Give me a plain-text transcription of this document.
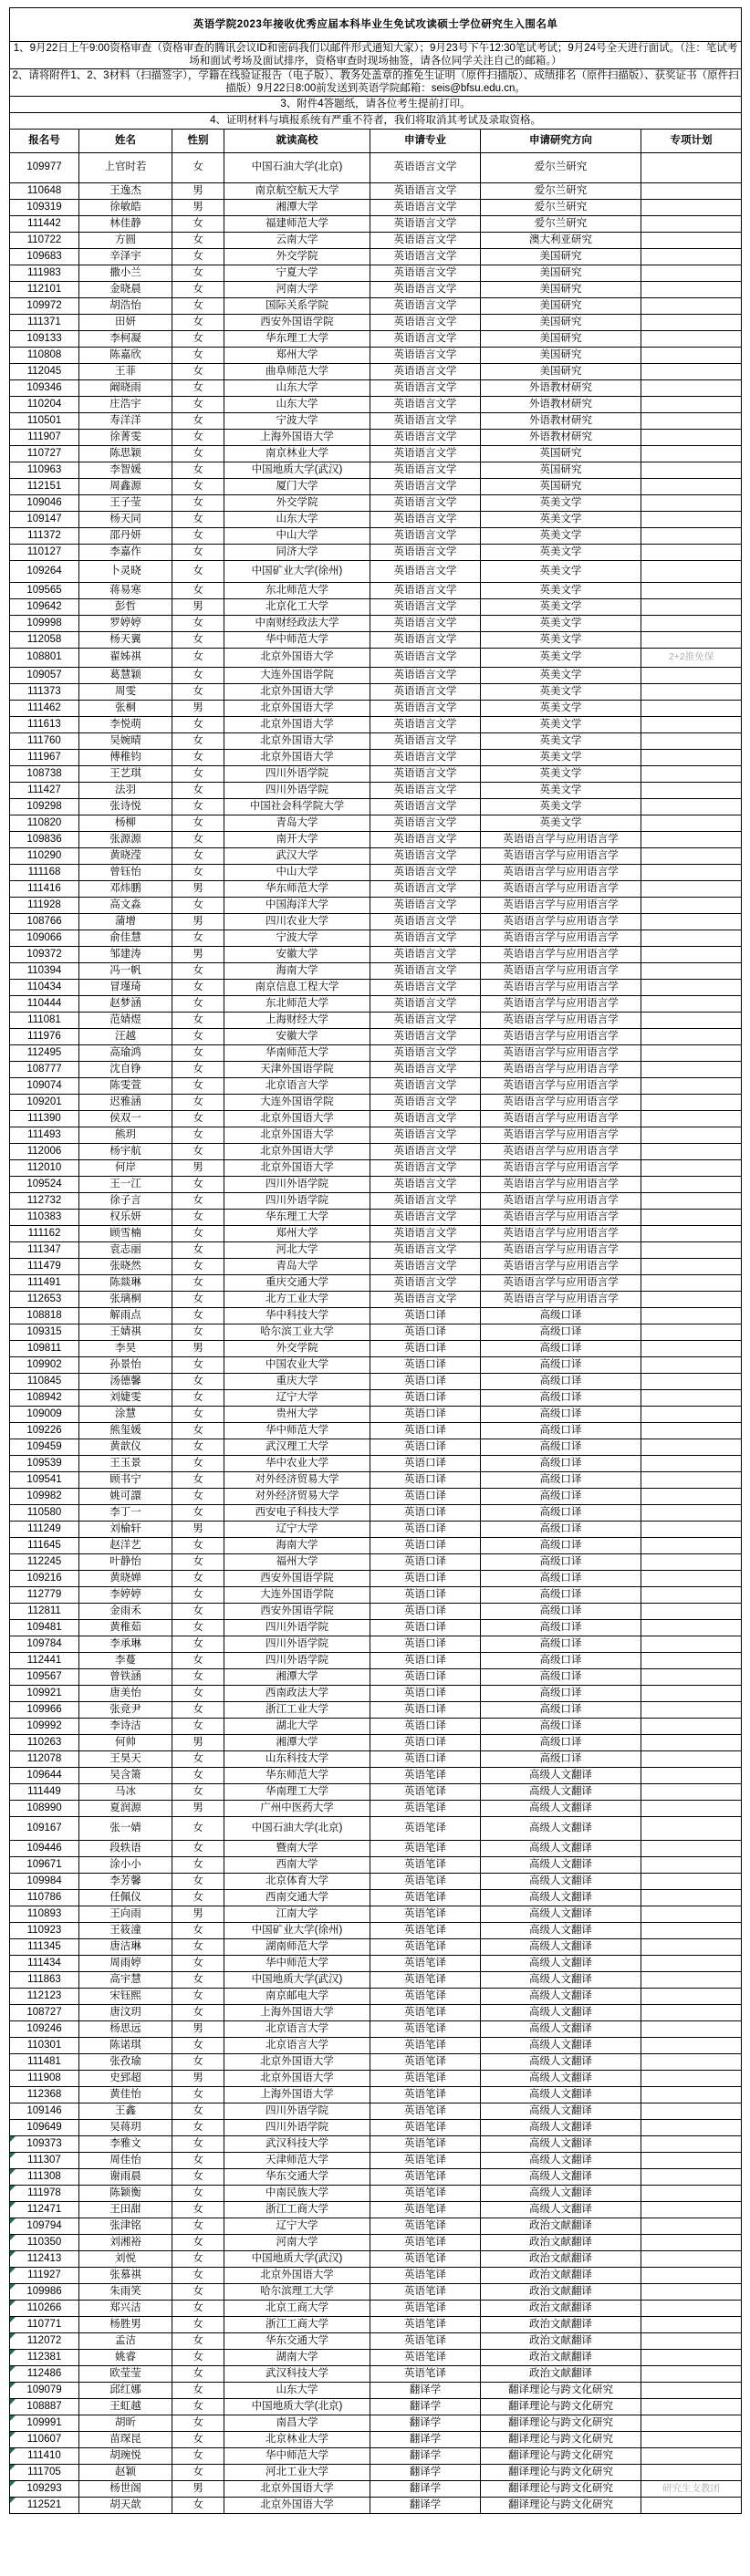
英语学院2023年接收优秀应届本科毕业生免试攻读硕士学位研究生入围名单						
1、9月22日上午9:00资格审查（资格审查的腾讯会议ID和密码我们以邮件形式通知大家）；9月23号下午12:30笔试考试；9月24号全天进行面试。（注：笔试考场和面试考场及面试排序，资格审查时现场抽签，请各位同学关注自己的邮箱。）						
2、请将附件1、2、3材料（扫描签字），学籍在线验证报告（电子版）、教务处盖章的推免生证明（原件扫描版）、成绩排名（原件扫描版）、获奖证书（原件扫描版）9月22日8:00前发送到英语学院邮箱：seis@bfsu.edu.cn。						
3、附件4答题纸，请各位考生提前打印。						
4、证明材料与填报系统有严重不符者，我们将取消其考试及录取资格。						
报名号	姓名	性别	就读高校	申请专业	申请研究方向	专项计划
109977	上官时若	女	中国石油大学(北京)	英语语言文学	爱尔兰研究	
110648	王逸杰	男	南京航空航天大学	英语语言文学	爱尔兰研究	
109319	徐敏皓	男	湘潭大学	英语语言文学	爱尔兰研究	
111442	林佳静	女	福建师范大学	英语语言文学	爱尔兰研究	
110722	方圆	女	云南大学	英语语言文学	澳大利亚研究	
109683	辛泽宇	女	外交学院	英语语言文学	美国研究	
111983	撒小兰	女	宁夏大学	英语语言文学	美国研究	
112101	金晓晨	女	河南大学	英语语言文学	美国研究	
109972	胡浩怡	女	国际关系学院	英语语言文学	美国研究	
111371	田妍	女	西安外国语学院	英语语言文学	美国研究	
109133	李柯凝	女	华东理工大学	英语语言文学	美国研究	
110808	陈嘉欣	女	郑州大学	英语语言文学	美国研究	
112045	王菲	女	曲阜师范大学	英语语言文学	美国研究	
109346	阚晓雨	女	山东大学	英语语言文学	外语教材研究	
110204	庄浩宇	女	山东大学	英语语言文学	外语教材研究	
110501	寿洋洋	女	宁波大学	英语语言文学	外语教材研究	
111907	徐菁雯	女	上海外国语大学	英语语言文学	外语教材研究	
110727	陈思颖	女	南京林业大学	英语语言文学	英国研究	
110963	李智媛	女	中国地质大学(武汉)	英语语言文学	英国研究	
112151	周鑫源	女	厦门大学	英语语言文学	英国研究	
109046	王子莹	女	外交学院	英语语言文学	英美文学	
109147	杨天同	女	山东大学	英语语言文学	英美文学	
111372	邵丹妍	女	中山大学	英语语言文学	英美文学	
110127	李嘉作	女	同济大学	英语语言文学	英美文学	
109264	卜灵晓	女	中国矿业大学(徐州)	英语语言文学	英美文学	
109565	蒋易寒	女	东北师范大学	英语语言文学	英美文学	
109642	彭哲	男	北京化工大学	英语语言文学	英美文学	
109998	罗婷婷	女	中南财经政法大学	英语语言文学	英美文学	
112058	杨天翼	女	华中师范大学	英语语言文学	英美文学	
108801	翟姊祺	女	北京外国语大学	英语语言文学	英美文学	2+2推免保
109057	葛慧颖	女	大连外国语学院	英语语言文学	英美文学	
111373	周雯	女	北京外国语大学	英语语言文学	英美文学	
111462	张桐	男	北京外国语大学	英语语言文学	英美文学	
111613	李悦萌	女	北京外国语大学	英语语言文学	英美文学	
111760	吴婉晴	女	北京外国语大学	英语语言文学	英美文学	
111967	傅稚钧	女	北京外国语大学	英语语言文学	英美文学	
108738	王艺琪	女	四川外语学院	英语语言文学	英美文学	
111427	法羽	女	四川外语学院	英语语言文学	英美文学	
109298	张诗悦	女	中国社会科学院大学	英语语言文学	英美文学	
110820	杨柳	女	青岛大学	英语语言文学	英美文学	
109836	张源源	女	南开大学	英语语言文学	英语语言学与应用语言学	
110290	黄晓滢	女	武汉大学	英语语言文学	英语语言学与应用语言学	
111168	曾钰怡	女	中山大学	英语语言文学	英语语言学与应用语言学	
111416	邓炜鹏	男	华东师范大学	英语语言文学	英语语言学与应用语言学	
111928	高文淼	女	中国海洋大学	英语语言文学	英语语言学与应用语言学	
108766	蒲增	男	四川农业大学	英语语言文学	英语语言学与应用语言学	
109066	俞佳慧	女	宁波大学	英语语言文学	英语语言学与应用语言学	
109372	邹建涛	男	安徽大学	英语语言文学	英语语言学与应用语言学	
110394	冯一帆	女	海南大学	英语语言文学	英语语言学与应用语言学	
110434	冒瑾琦	女	南京信息工程大学	英语语言文学	英语语言学与应用语言学	
110444	赵梦涵	女	东北师范大学	英语语言文学	英语语言学与应用语言学	
111081	范婧煜	女	上海财经大学	英语语言文学	英语语言学与应用语言学	
111976	汪越	女	安徽大学	英语语言文学	英语语言学与应用语言学	
112495	高瑜鸿	女	华南师范大学	英语语言文学	英语语言学与应用语言学	
108777	沈自铮	女	天津外国语学院	英语语言文学	英语语言学与应用语言学	
109074	陈雯萱	女	北京语言大学	英语语言文学	英语语言学与应用语言学	
109201	迟雅涵	女	大连外国语学院	英语语言文学	英语语言学与应用语言学	
111390	侯双一	女	北京外国语大学	英语语言文学	英语语言学与应用语言学	
111493	熊玥	女	北京外国语大学	英语语言文学	英语语言学与应用语言学	
112006	杨宇航	女	北京外国语大学	英语语言文学	英语语言学与应用语言学	
112010	何岸	男	北京外国语大学	英语语言文学	英语语言学与应用语言学	
109524	王一江	女	四川外语学院	英语语言文学	英语语言学与应用语言学	
112732	徐子言	女	四川外语学院	英语语言文学	英语语言学与应用语言学	
110383	权乐妍	女	华东理工大学	英语语言文学	英语语言学与应用语言学	
111162	顾雪楠	女	郑州大学	英语语言文学	英语语言学与应用语言学	
111347	袁志丽	女	河北大学	英语语言文学	英语语言学与应用语言学	
111479	张晓然	女	青岛大学	英语语言文学	英语语言学与应用语言学	
111491	陈燚琳	女	重庆交通大学	英语语言文学	英语语言学与应用语言学	
112653	张璃桐	女	北方工业大学	英语语言文学	英语语言学与应用语言学	
108818	解雨点	女	华中科技大学	英语口译	高级口译	
109315	王婧祺	女	哈尔滨工业大学	英语口译	高级口译	
109811	李昊	男	外交学院	英语口译	高级口译	
109902	孙景怡	女	中国农业大学	英语口译	高级口译	
110845	汤德馨	女	重庆大学	英语口译	高级口译	
108942	刘婕雯	女	辽宁大学	英语口译	高级口译	
109009	涂慧	女	贵州大学	英语口译	高级口译	
109226	熊玺媛	女	华中师范大学	英语口译	高级口译	
109459	黄歆仪	女	武汉理工大学	英语口译	高级口译	
109539	王玉景	女	华中农业大学	英语口译	高级口译	
109541	顾书宁	女	对外经济贸易大学	英语口译	高级口译	
109982	姚可譞	女	对外经济贸易大学	英语口译	高级口译	
110580	李丁一	女	西安电子科技大学	英语口译	高级口译	
111249	刘榆轩	男	辽宁大学	英语口译	高级口译	
111645	赵洋艺	女	海南大学	英语口译	高级口译	
112245	叶静怡	女	福州大学	英语口译	高级口译	
109216	黄晓婵	女	西安外国语学院	英语口译	高级口译	
112779	李婷婷	女	大连外国语学院	英语口译	高级口译	
112811	金雨禾	女	西安外国语学院	英语口译	高级口译	
109481	黄稚茹	女	四川外语学院	英语口译	高级口译	
109784	李承琳	女	四川外语学院	英语口译	高级口译	
112441	李蔓	女	四川外语学院	英语口译	高级口译	
109567	曾铁涵	女	湘潭大学	英语口译	高级口译	
109921	唐美怡	女	西南政法大学	英语口译	高级口译	
109966	张竞尹	女	浙江工业大学	英语口译	高级口译	
109992	李诗洁	女	湖北大学	英语口译	高级口译	
110263	何帅	男	湘潭大学	英语口译	高级口译	
112078	王昊天	女	山东科技大学	英语口译	高级口译	
109644	吴含箫	女	华东师范大学	英语笔译	高级人文翻译	
111449	马冰	女	华南理工大学	英语笔译	高级人文翻译	
108990	夏润源	男	广州中医药大学	英语笔译	高级人文翻译	
109167	张一婧	女	中国石油大学(北京)	英语笔译	高级人文翻译	
109446	段轶语	女	暨南大学	英语笔译	高级人文翻译	
109671	涂小小	女	西南大学	英语笔译	高级人文翻译	
109984	李芳馨	女	北京体育大学	英语笔译	高级人文翻译	
110786	任佩仪	女	西南交通大学	英语笔译	高级人文翻译	
110893	王向雨	男	江南大学	英语笔译	高级人文翻译	
110923	王筱潼	女	中国矿业大学(徐州)	英语笔译	高级人文翻译	
111345	唐洁琳	女	湖南师范大学	英语笔译	高级人文翻译	
111434	周雨婷	女	华中师范大学	英语笔译	高级人文翻译	
111863	高宇慧	女	中国地质大学(武汉)	英语笔译	高级人文翻译	
112123	宋钰熙	女	南京邮电大学	英语笔译	高级人文翻译	
108727	唐汶玥	女	上海外国语大学	英语笔译	高级人文翻译	
109246	杨思远	男	北京语言大学	英语笔译	高级人文翻译	
110301	陈诺琪	女	北京语言大学	英语笔译	高级人文翻译	
111481	张孜瑜	女	北京外国语大学	英语笔译	高级人文翻译	
111908	史郅超	男	北京外国语大学	英语笔译	高级人文翻译	
112368	黄佳怡	女	上海外国语大学	英语笔译	高级人文翻译	
109146	王鑫	女	四川外语学院	英语笔译	高级人文翻译	
109649	吴蒋玥	女	四川外语学院	英语笔译	高级人文翻译	

109373	李雅文	女	武汉科技大学	英语笔译	高级人文翻译	

111307	周佳怡	女	天津师范大学	英语笔译	高级人文翻译	

111308	谢雨晨	女	华东交通大学	英语笔译	高级人文翻译	

111978	陈颖衡	女	中南民族大学	英语笔译	高级人文翻译	

112471	王田甜	女	浙江工商大学	英语笔译	高级人文翻译	

109794	张津铭	女	辽宁大学	英语笔译	政治文献翻译	

110350	刘湘裕	女	河南大学	英语笔译	政治文献翻译	

112413	刘悦	女	中国地质大学(武汉)	英语笔译	政治文献翻译	

111927	张慕祺	女	北京外国语大学	英语笔译	政治文献翻译	

109986	朱雨笑	女	哈尔滨理工大学	英语笔译	政治文献翻译	

110266	郑兴洁	女	北京工商大学	英语笔译	政治文献翻译	

110771	杨胜男	女	浙江工商大学	英语笔译	政治文献翻译	

112072	孟洁	女	华东交通大学	英语笔译	政治文献翻译	

112381	姚睿	女	湖南大学	英语笔译	政治文献翻译	

112486	欧莹莹	女	武汉科技大学	英语笔译	政治文献翻译	

109079	邱红娜	女	山东大学	翻译学	翻译理论与跨文化研究	

108887	王虹越	女	中国地质大学(北京)	翻译学	翻译理论与跨文化研究	

109991	胡昕	女	南昌大学	翻译学	翻译理论与跨文化研究	

110607	苗琛昆	女	北京林业大学	翻译学	翻译理论与跨文化研究	

111410	胡琬悦	女	华中师范大学	翻译学	翻译理论与跨文化研究	

111705	赵颖	女	河北工业大学	翻译学	翻译理论与跨文化研究	

109293	杨世阁	男	北京外国语大学	翻译学	翻译理论与跨文化研究	研究生支教团

112521	胡天歆	女	北京外国语大学	翻译学	翻译理论与跨文化研究	
